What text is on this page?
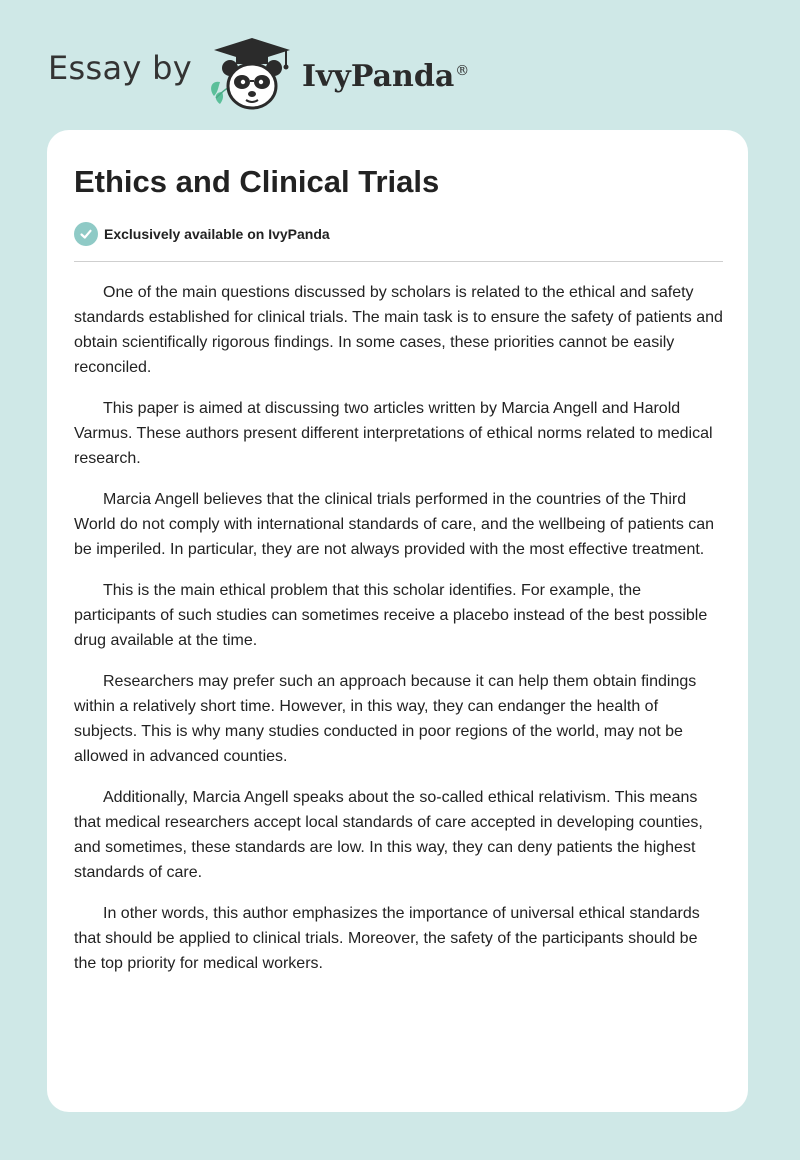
Essay by	IvyPanda®
Ethics and Clinical Trials
Exclusively available on IvyPanda

One of the main questions discussed by scholars is related to the ethical and safety standards established for clinical trials. The main task is to ensure the safety of patients and obtain scientifically rigorous findings. In some cases, these priorities cannot be easily reconciled.

This paper is aimed at discussing two articles written by Marcia Angell and Harold Varmus. These authors present different interpretations of ethical norms related to medical research.

Marcia Angell believes that the clinical trials performed in the countries of the Third World do not comply with international standards of care, and the wellbeing of patients can be imperiled. In particular, they are not always provided with the most effective treatment.

This is the main ethical problem that this scholar identifies. For example, the participants of such studies can sometimes receive a placebo instead of the best possible drug available at the time.

Researchers may prefer such an approach because it can help them obtain findings within a relatively short time. However, in this way, they can endanger the health of subjects. This is why many studies conducted in poor regions of the world, may not be allowed in advanced counties.

Additionally, Marcia Angell speaks about the so-called ethical relativism. This means that medical researchers accept local standards of care accepted in developing counties, and sometimes, these standards are low. In this way, they can deny patients the highest standards of care.

In other words, this author emphasizes the importance of universal ethical standards that should be applied to clinical trials. Moreover, the safety of the participants should be the top priority for medical workers.
